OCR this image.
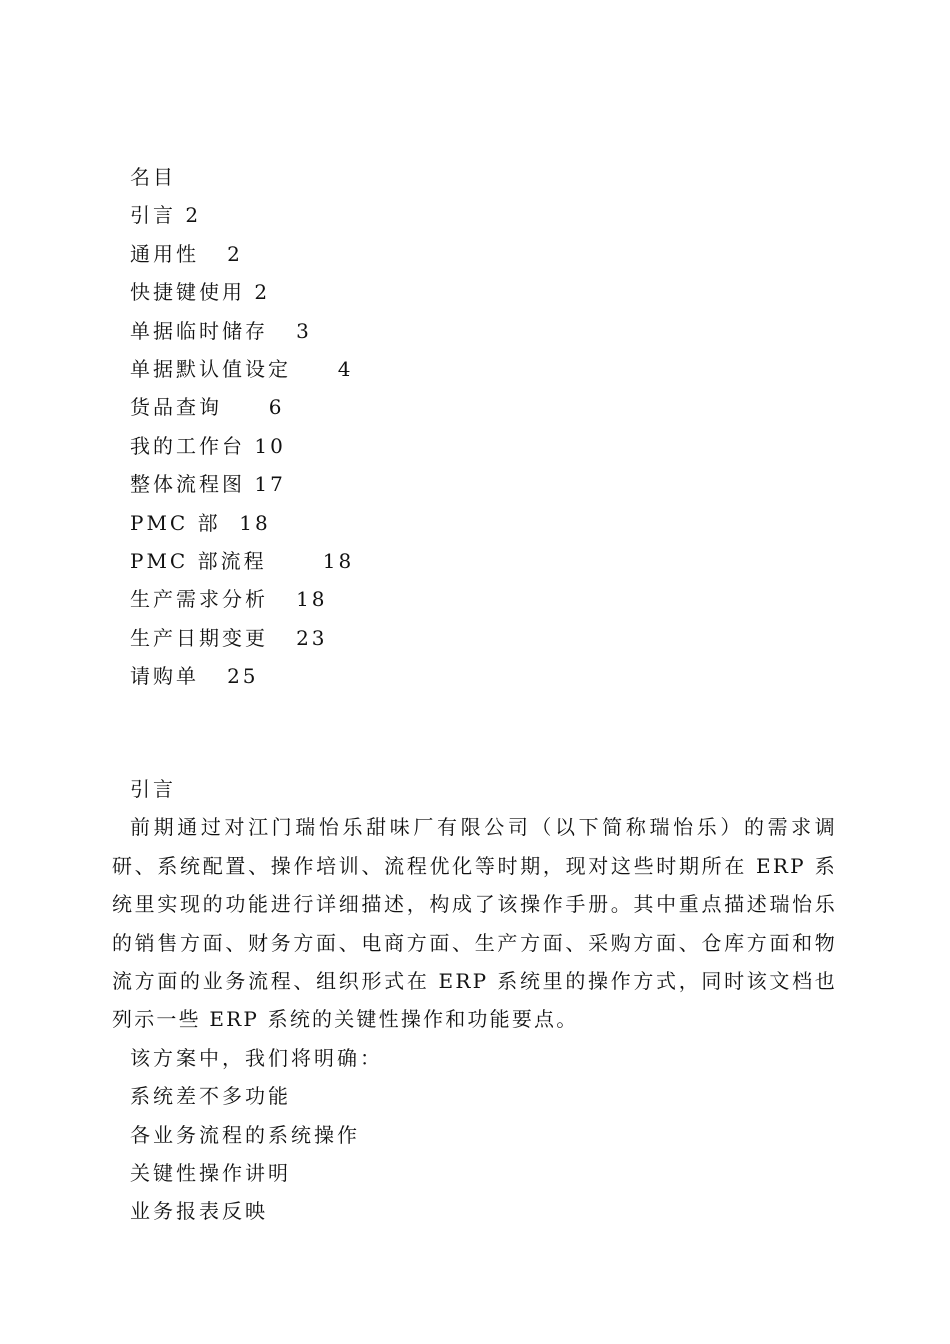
名目
引言 2
通用性   2
快捷键使用 2
单据临时储存   3
单据默认值设定     4
货品查询     6
我的工作台 10
整体流程图 17
PMC 部  18
PMC 部流程      18
生产需求分析   18
生产日期变更   23
请购单   25
引言

前期通过对江门瑞怡乐甜味厂有限公司（以下简称瑞怡乐）的需求调研、系统配置、操作培训、流程优化等时期，现对这些时期所在 ERP 系统里实现的功能进行详细描述，构成了该操作手册。其中重点描述瑞怡乐的销售方面、财务方面、电商方面、生产方面、采购方面、仓库方面和物流方面的业务流程、组织形式在 ERP 系统里的操作方式，同时该文档也列示一些 ERP 系统的关键性操作和功能要点。

该方案中，我们将明确：
系统差不多功能
各业务流程的系统操作
关键性操作讲明
业务报表反映
